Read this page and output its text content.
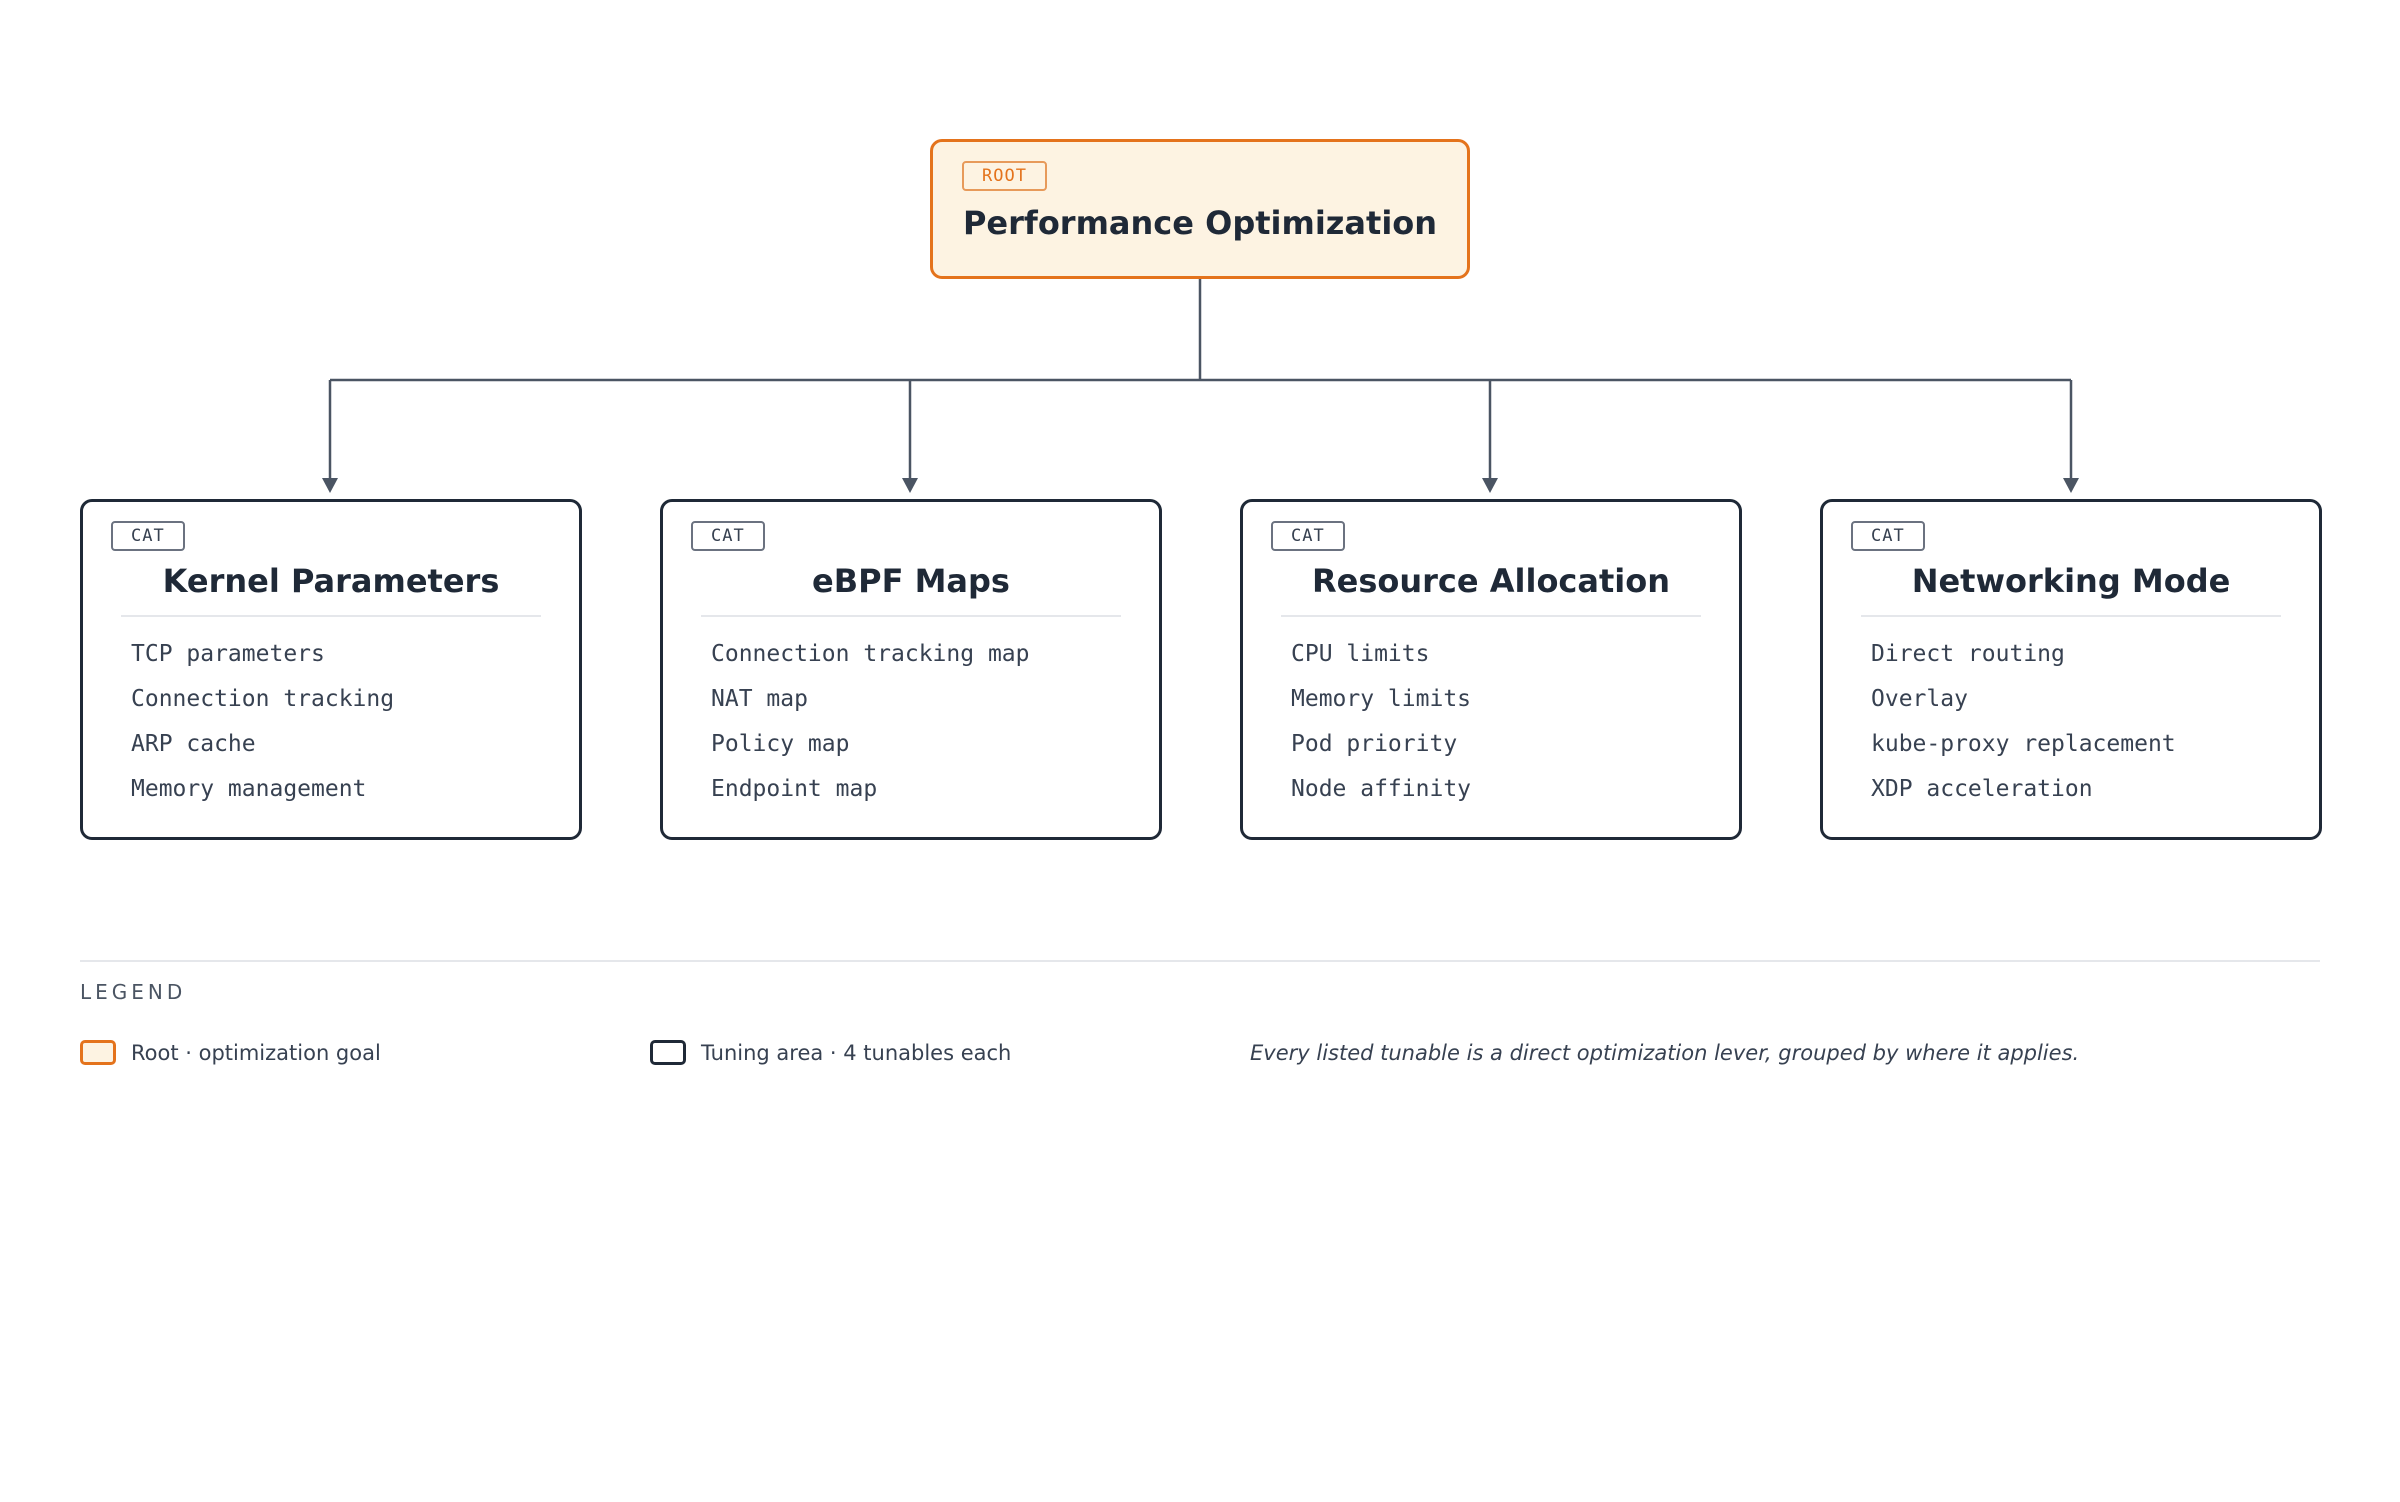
ROOT
Performance Optimization
CAT
Kernel Parameters
TCP parameters
Connection tracking
ARP cache
Memory management
CAT
eBPF Maps
Connection tracking map
NAT map
Policy map
Endpoint map
CAT
Resource Allocation
CPU limits
Memory limits
Pod priority
Node affinity
CAT
Networking Mode
Direct routing
Overlay
kube-proxy replacement
XDP acceleration
LEGEND
Root · optimization goal	Tuning area · 4 tunables each	Every listed tunable is a direct optimization lever, grouped by where it applies.
